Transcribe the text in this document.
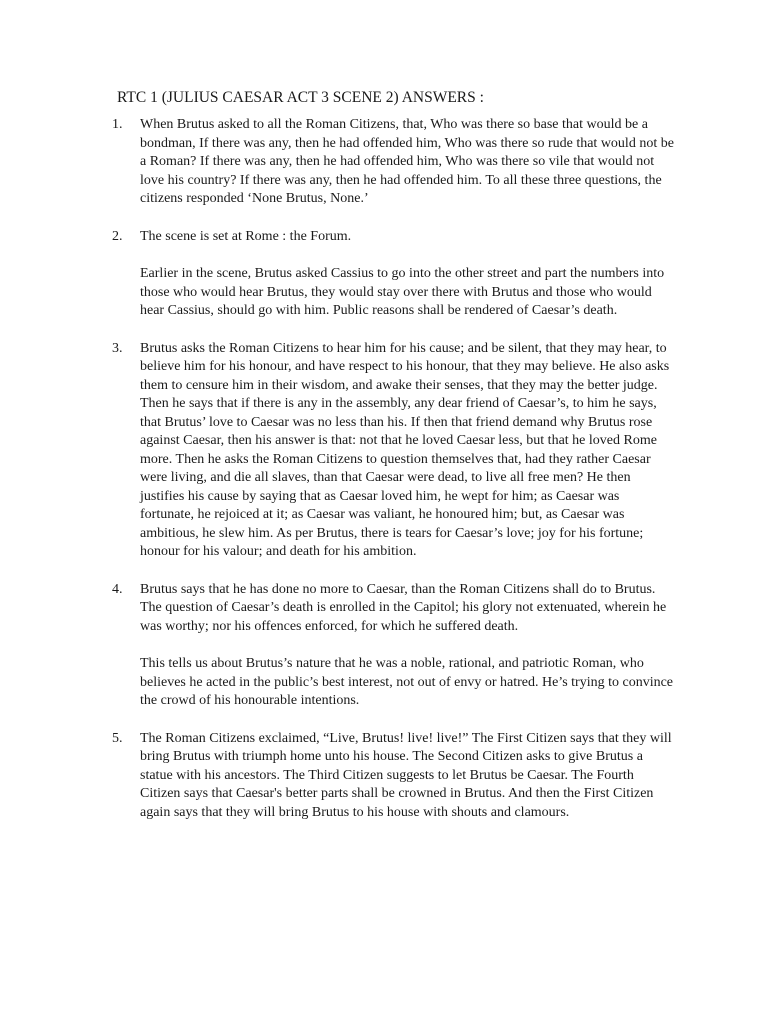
RTC 1 (JULIUS CAESAR ACT 3 SCENE 2) ANSWERS :
1. When Brutus asked to all the Roman Citizens, that, Who was there so base that would be a bondman, If there was any, then he had offended him, Who was there so rude that would not be a Roman? If there was any, then he had offended him, Who was there so vile that would not love his country? If there was any, then he had offended him. To all these three questions, the citizens responded ‘None Brutus, None.’

2. The scene is set at Rome : the Forum.

Earlier in the scene, Brutus asked Cassius to go into the other street and part the numbers into those who would hear Brutus, they would stay over there with Brutus and those who would hear Cassius, should go with him. Public reasons shall be rendered of Caesar’s death.

3. Brutus asks the Roman Citizens to hear him for his cause; and be silent, that they may hear, to believe him for his honour, and have respect to his honour, that they may believe. He also asks them to censure him in their wisdom, and awake their senses, that they may the better judge. Then he says that if there is any in the assembly, any dear friend of Caesar’s, to him he says, that Brutus’ love to Caesar was no less than his. If then that friend demand why Brutus rose against Caesar, then his answer is that: not that he loved Caesar less, but that he loved Rome more. Then he asks the Roman Citizens to question themselves that, had they rather Caesar were living, and die all slaves, than that Caesar were dead, to live all free men? He then justifies his cause by saying that as Caesar loved him, he wept for him; as Caesar was fortunate, he rejoiced at it; as Caesar was valiant, he honoured him; but, as Caesar was ambitious, he slew him. As per Brutus, there is tears for Caesar’s love; joy for his fortune; honour for his valour; and death for his ambition.

4. Brutus says that he has done no more to Caesar, than the Roman Citizens shall do to Brutus. The question of Caesar’s death is enrolled in the Capitol; his glory not extenuated, wherein he was worthy; nor his offences enforced, for which he suffered death.

This tells us about Brutus’s nature that he was a noble, rational, and patriotic Roman, who believes he acted in the public’s best interest, not out of envy or hatred. He’s trying to convince the crowd of his honourable intentions.

5. The Roman Citizens exclaimed, “Live, Brutus! live! live!” The First Citizen says that they will bring Brutus with triumph home unto his house. The Second Citizen asks to give Brutus a statue with his ancestors. The Third Citizen suggests to let Brutus be Caesar. The Fourth Citizen says that Caesar's better parts shall be crowned in Brutus. And then the First Citizen again says that they will bring Brutus to his house with shouts and clamours.
